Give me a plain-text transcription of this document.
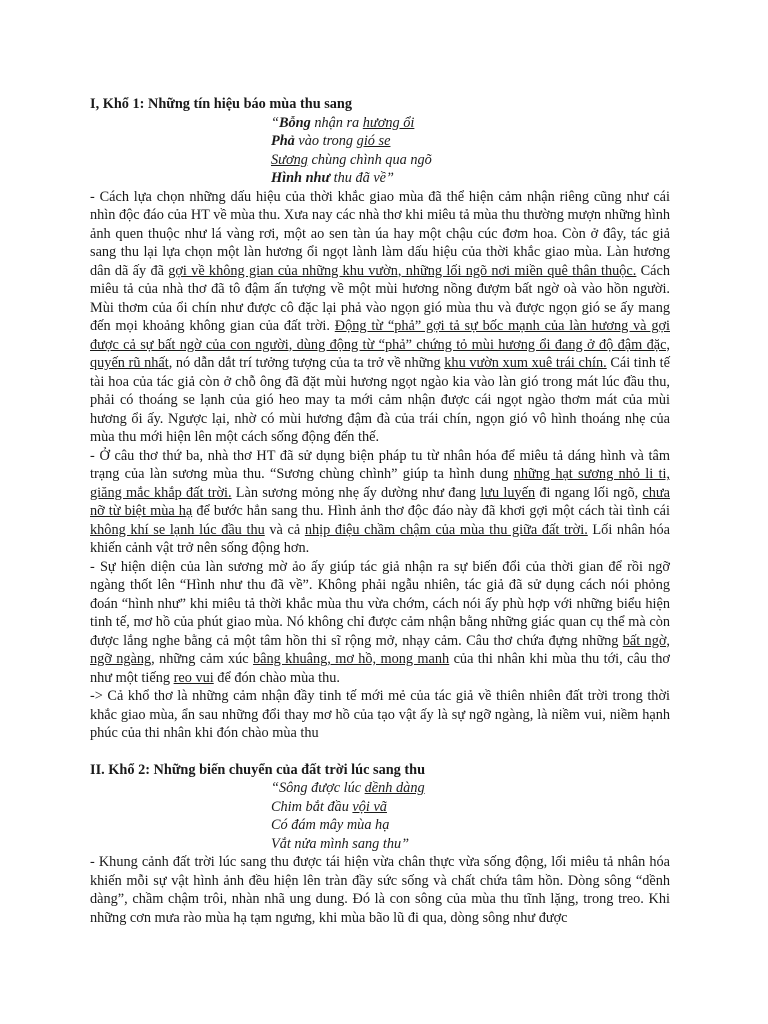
I, Khổ 1: Những tín hiệu báo mùa thu sang

“Bỗng nhận ra hương ổi
Phả vào trong gió se
Sương chùng chình qua ngõ
Hình như thu đã về”

- Cách lựa chọn những dấu hiệu của thời khắc giao mùa đã thể hiện cảm nhận riêng cũng như cái nhìn độc đáo của HT về mùa thu. Xưa nay các nhà thơ khi miêu tả mùa thu thường mượn những hình ảnh quen thuộc như lá vàng rơi, một ao sen tàn úa hay một chậu cúc đơm hoa. Còn ở đây, tác giả sang thu lại lựa chọn một làn hương ổi ngọt lành làm dấu hiệu của thời khắc giao mùa. Làn hương dân dã ấy đã gợi về không gian của những khu vườn, những lối ngõ nơi miền quê thân thuộc. Cách miêu tả của nhà thơ đã tô đậm ấn tượng về một mùi hương nồng đượm bất ngờ oà vào hồn người. Mùi thơm của ổi chín như được cô đặc lại phả vào ngọn gió mùa thu và được ngọn gió se ấy mang đến mọi khoảng không gian của đất trời. Động từ “phả” gợi tả sự bốc mạnh của làn hương và gợi được cả sự bất ngờ của con người, dùng động từ “phả” chứng tỏ mùi hương ổi đang ở độ đậm đặc, quyến rũ nhất, nó dẫn dắt trí tưởng tượng của ta trở về những khu vườn xum xuê trái chín. Cái tinh tế tài hoa của tác giả còn ở chỗ ông đã đặt mùi hương ngọt ngào kia vào làn gió trong mát lúc đầu thu, phải có thoáng se lạnh của gió heo may ta mới cảm nhận được cái ngọt ngào thơm mát của mùi hương ổi ấy. Ngược lại, nhờ có mùi hương đậm đà của trái chín, ngọn gió vô hình thoáng nhẹ của mùa thu mới hiện lên một cách sống động đến thế.

- Ở câu thơ thứ ba, nhà thơ HT đã sử dụng biện pháp tu từ nhân hóa để miêu tả dáng hình và tâm trạng của làn sương mùa thu. “Sương chùng chình” giúp ta hình dung những hạt sương nhỏ li ti, giăng mắc khắp đất trời. Làn sương mỏng nhẹ ấy dường như đang lưu luyến đi ngang lối ngõ, chưa nỡ từ biệt mùa hạ để bước hẳn sang thu. Hình ảnh thơ độc đáo này đã khơi gợi một cách tài tình cái không khí se lạnh lúc đầu thu và cả nhịp điệu chầm chậm của mùa thu giữa đất trời. Lối nhân hóa khiến cảnh vật trở nên sống động hơn.

- Sự hiện diện của làn sương mờ ảo ấy giúp tác giả nhận ra sự biến đổi của thời gian để rồi ngỡ ngàng thốt lên “Hình như thu đã về”. Không phải ngẫu nhiên, tác giả đã sử dụng cách nói phỏng đoán “hình như” khi miêu tả thời khắc mùa thu vừa chớm, cách nói ấy phù hợp với những biểu hiện tinh tế, mơ hồ của phút giao mùa. Nó không chỉ được cảm nhận bằng những giác quan cụ thể mà còn được lắng nghe bằng cả một tâm hồn thi sĩ rộng mở, nhạy cảm. Câu thơ chứa đựng những bất ngờ, ngỡ ngàng, những cảm xúc bâng khuâng, mơ hồ, mong manh của thi nhân khi mùa thu tới, câu thơ như một tiếng reo vui để đón chào mùa thu.

-> Cả khổ thơ là những cảm nhận đầy tinh tế mới mẻ của tác giả về thiên nhiên đất trời trong thời khắc giao mùa, ẩn sau những đổi thay mơ hồ của tạo vật ấy là sự ngỡ ngàng, là niềm vui, niềm hạnh phúc của thi nhân khi đón chào mùa thu

II. Khổ 2: Những biến chuyển của đất trời lúc sang thu

“Sông được lúc dềnh dàng
Chim bắt đầu vội vã
Có đám mây mùa hạ
Vắt nửa mình sang thu”

- Khung cảnh đất trời lúc sang thu được tái hiện vừa chân thực vừa sống động, lối miêu tả nhân hóa khiến mỗi sự vật hình ảnh đều hiện lên tràn đầy sức sống và chất chứa tâm hồn. Dòng sông “dềnh dàng”, chầm chậm trôi, nhàn nhã ung dung. Đó là con sông của mùa thu tĩnh lặng, trong treo. Khi những cơn mưa rào mùa hạ tạm ngưng, khi mùa bão lũ đi qua, dòng sông như được
